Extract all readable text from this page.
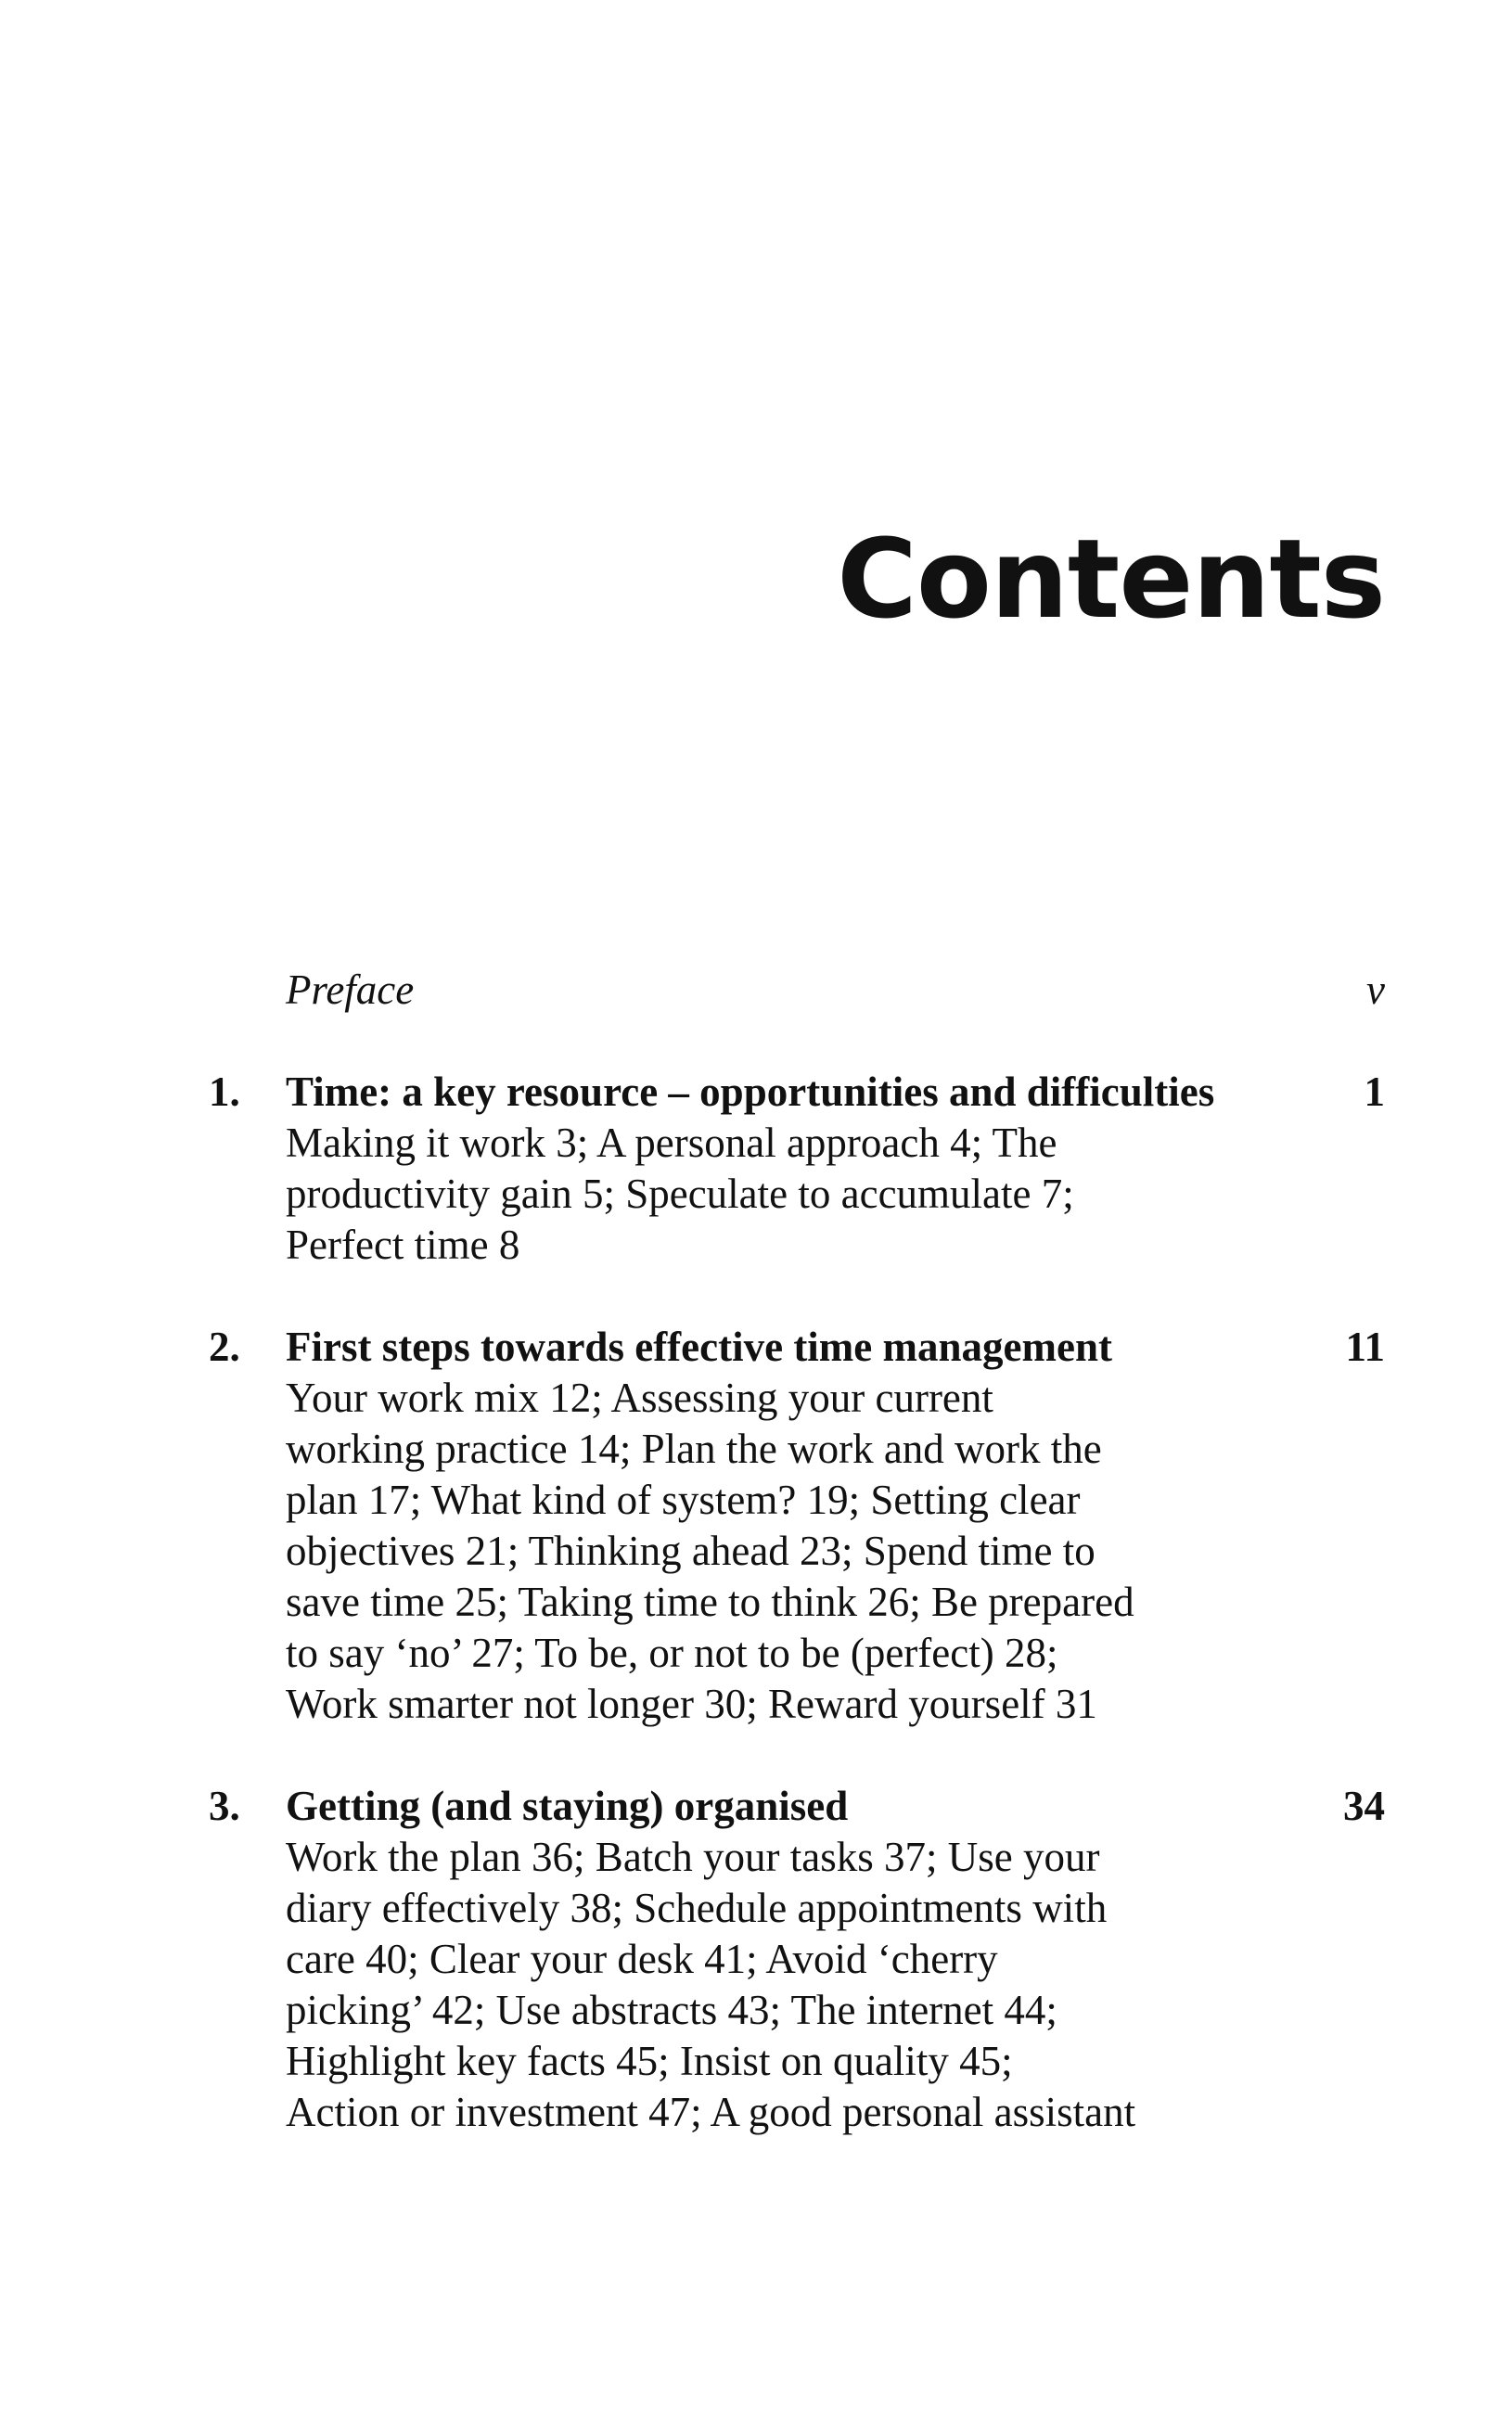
Contents
Preface	v
1. Time: a key resource – opportunities and difficulties	1
Making it work 3; A personal approach 4; The
productivity gain 5; Speculate to accumulate 7;
Perfect time 8
2. First steps towards effective time management	11
Your work mix 12; Assessing your current
working practice 14; Plan the work and work the
plan 17; What kind of system? 19; Setting clear
objectives 21; Thinking ahead 23; Spend time to
save time 25; Taking time to think 26; Be prepared
to say ‘no’ 27; To be, or not to be (perfect) 28;
Work smarter not longer 30; Reward yourself 31
3. Getting (and staying) organised	34
Work the plan 36; Batch your tasks 37; Use your
diary effectively 38; Schedule appointments with
care 40; Clear your desk 41; Avoid ‘cherry
picking’ 42; Use abstracts 43; The internet 44;
Highlight key facts 45; Insist on quality 45;
Action or investment 47; A good personal assistant
